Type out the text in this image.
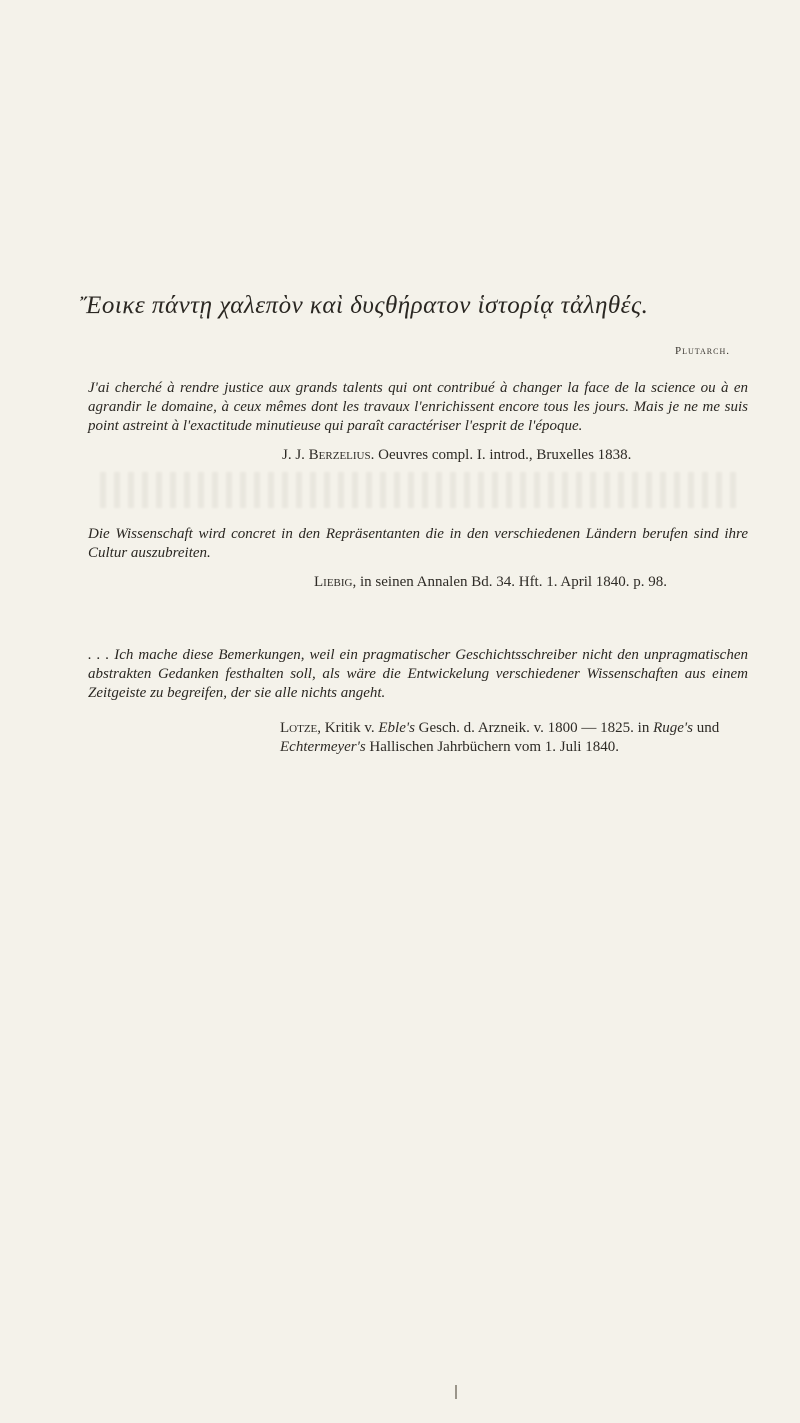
Ἔοικε πάντῃ χαλεπὸν καὶ δυςθήρατον ἱστορίᾳ τἀληθές.
Plutarch.
J'ai cherché à rendre justice aux grands talents qui ont contribué à changer la face de la science ou à en agrandir le domaine, à ceux mêmes dont les travaux l'enrichissent encore tous les jours. Mais je ne me suis point astreint à l'exactitude minutieuse qui paraît caractériser l'esprit de l'époque.
J. J. Berzelius. Oeuvres compl. I. introd., Bruxelles 1838.
Die Wissenschaft wird concret in den Repräsentanten die in den verschiedenen Ländern berufen sind ihre Cultur auszubreiten.
Liebig, in seinen Annalen Bd. 34. Hft. 1. April 1840. p. 98.
. . . Ich mache diese Bemerkungen, weil ein pragmatischer Geschichtsschreiber nicht den unpragmatischen abstrakten Gedanken festhalten soll, als wäre die Entwickelung verschiedener Wissenschaften aus einem Zeitgeiste zu begreifen, der sie alle nichts angeht.
Lotze, Kritik v. Eble's Gesch. d. Arzneik. v. 1800 — 1825. in Ruge's und Echtermeyer's Hallischen Jahrbüchern vom 1. Juli 1840.
